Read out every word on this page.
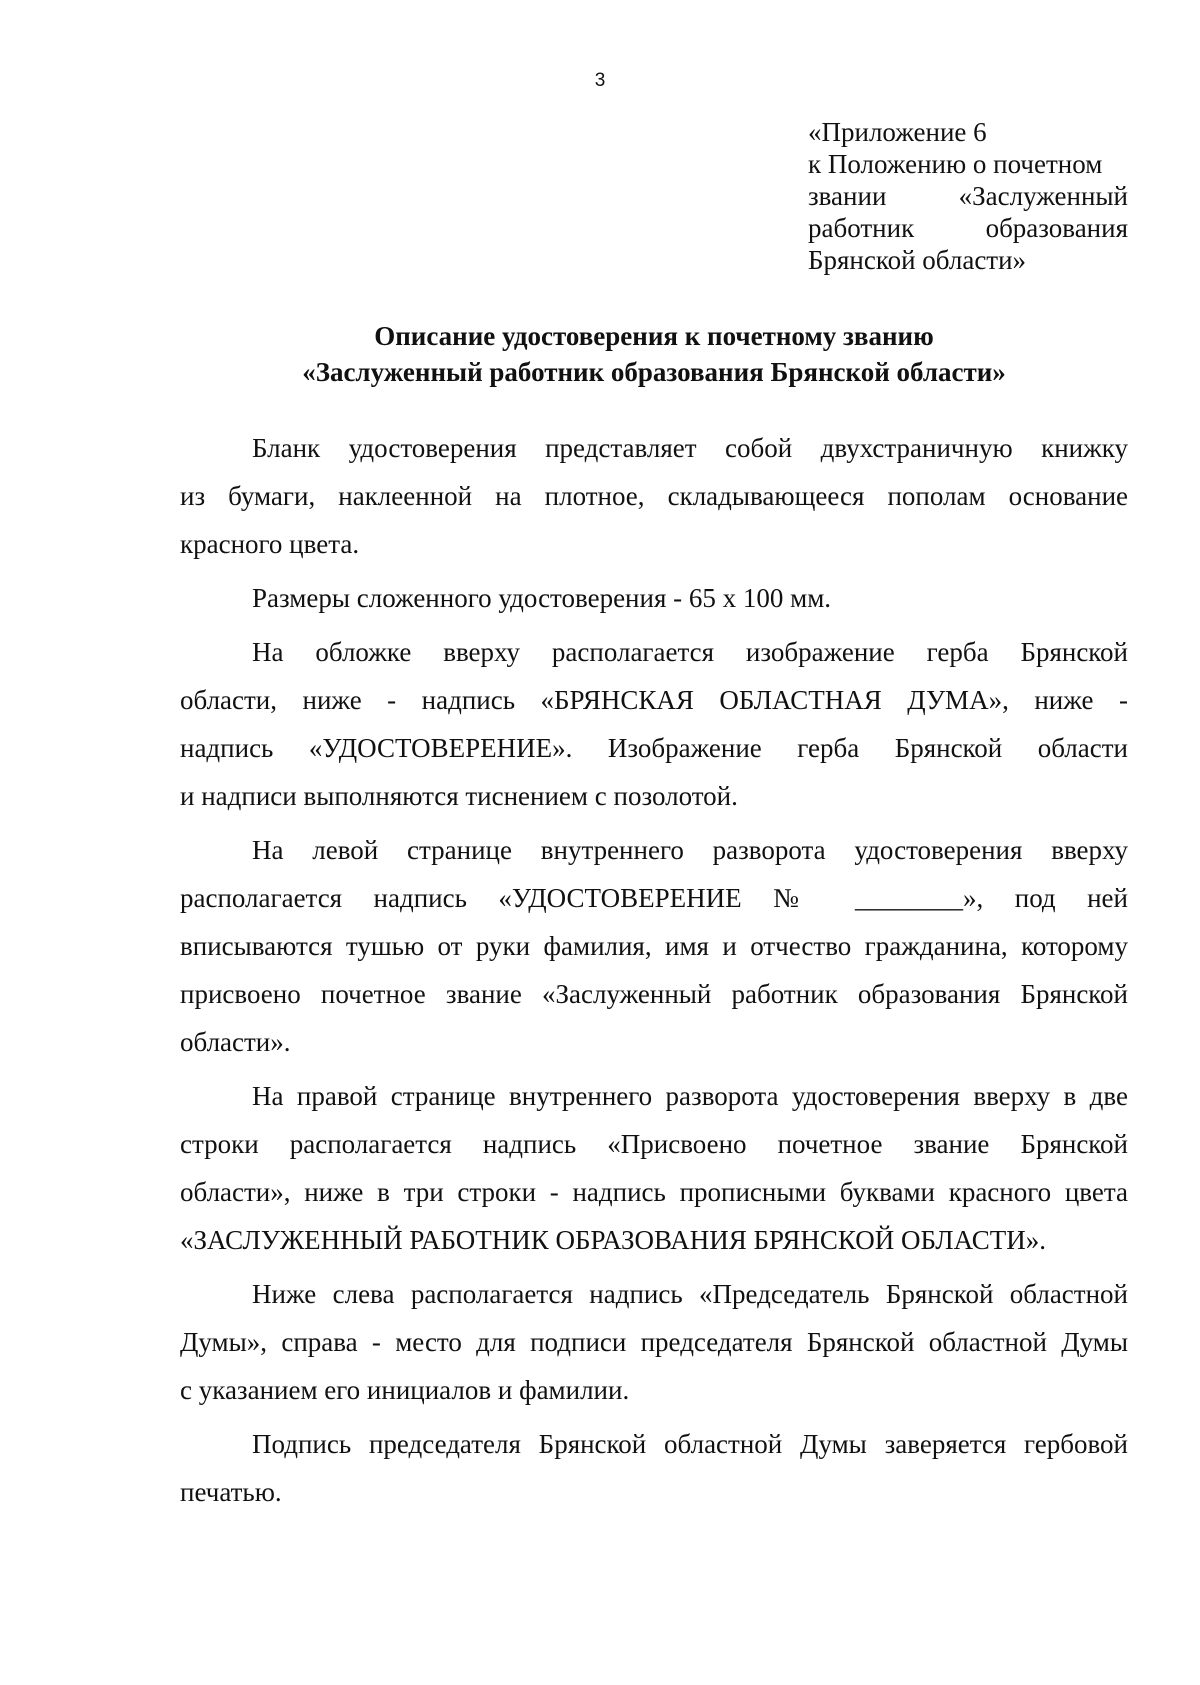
3
«Приложение 6
к Положению о почетном
звании «Заслуженный
работник образования
Брянской области»
Описание удостоверения к почетному званию
«Заслуженный работник образования Брянской области»

Бланк удостоверения представляет собой двухстраничную книжку
из бумаги, наклеенной на плотное, складывающееся пополам основание
красного цвета.

Размеры сложенного удостоверения - 65 х 100 мм.

На обложке вверху располагается изображение герба Брянской
области, ниже - надпись «БРЯНСКАЯ ОБЛАСТНАЯ ДУМА», ниже -
надпись «УДОСТОВЕРЕНИЕ». Изображение герба Брянской области
и надписи выполняются тиснением с позолотой.

На левой странице внутреннего разворота удостоверения вверху
располагается надпись «УДОСТОВЕРЕНИЕ № ________», под ней
вписываются тушью от руки фамилия, имя и отчество гражданина, которому
присвоено почетное звание «Заслуженный работник образования Брянской
области».

На правой странице внутреннего разворота удостоверения вверху в две
строки располагается надпись «Присвоено почетное звание Брянской
области», ниже в три строки - надпись прописными буквами красного цвета
«ЗАСЛУЖЕННЫЙ РАБОТНИК ОБРАЗОВАНИЯ БРЯНСКОЙ ОБЛАСТИ».

Ниже слева располагается надпись «Председатель Брянской областной
Думы», справа - место для подписи председателя Брянской областной Думы
с указанием его инициалов и фамилии.

Подпись председателя Брянской областной Думы заверяется гербовой
печатью.
